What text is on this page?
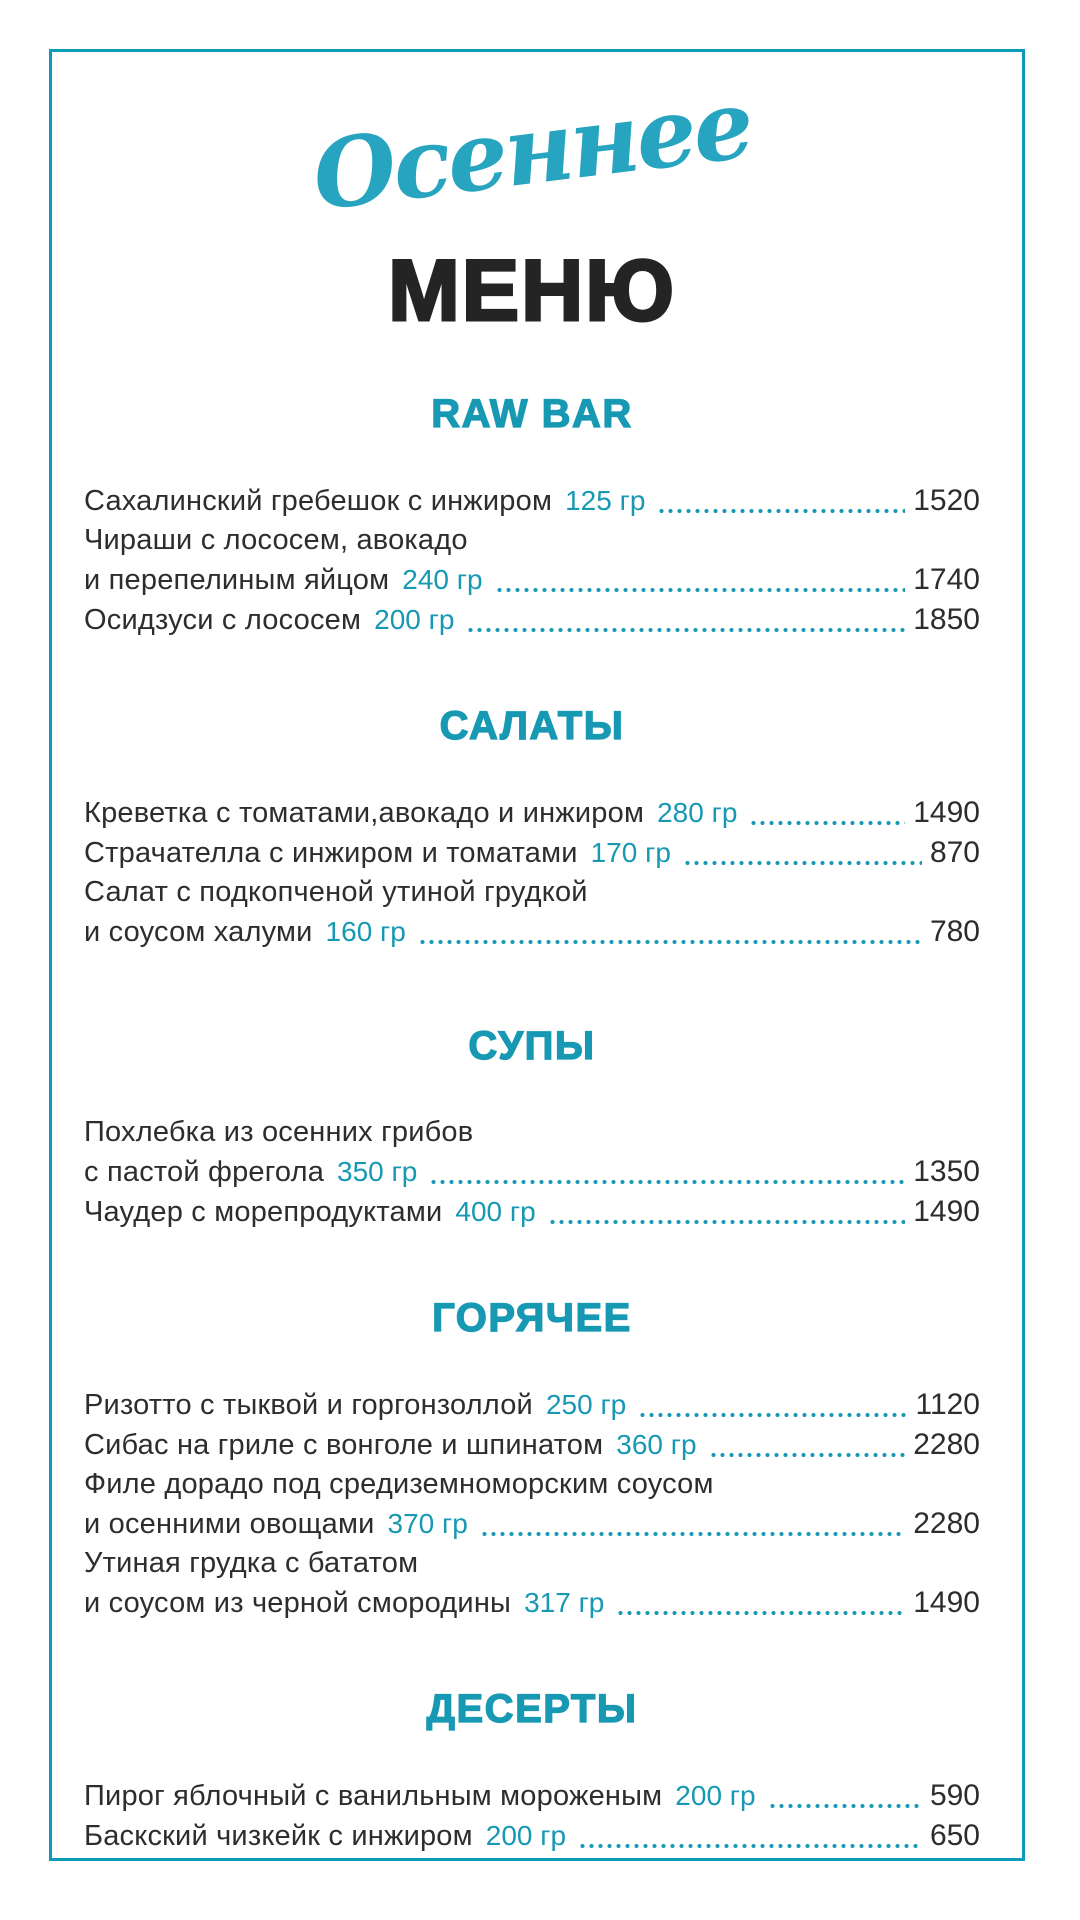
Осеннее
МЕНЮ
RAW BAR
Сахалинский гребешок с инжиром 125 гр	1520
Чираши с лососем, авокадо
и перепелиным яйцом 240 гр	1740
Осидзуси с лососем 200 гр	1850
САЛАТЫ
Креветка с томатами,авокадо и инжиром 280 гр	1490
Страчателла с инжиром и томатами 170 гр	870
Салат с подкопченой утиной грудкой
и соусом халуми 160 гр	780
СУПЫ
Похлебка из осенних грибов
с пастой фрегола 350 гр	1350
Чаудер с морепродуктами 400 гр	1490
ГОРЯЧЕЕ
Ризотто с тыквой и горгонзоллой 250 гр	1120
Сибас на гриле с вонголе и шпинатом 360 гр	2280
Филе дорадо под средиземноморским соусом
и осенними овощами 370 гр	2280
Утиная грудка с бататом
и соусом из черной смородины 317 гр	1490
ДЕСЕРТЫ
Пирог яблочный с ванильным мороженым 200 гр	590
Баскский чизкейк с инжиром 200 гр	650
